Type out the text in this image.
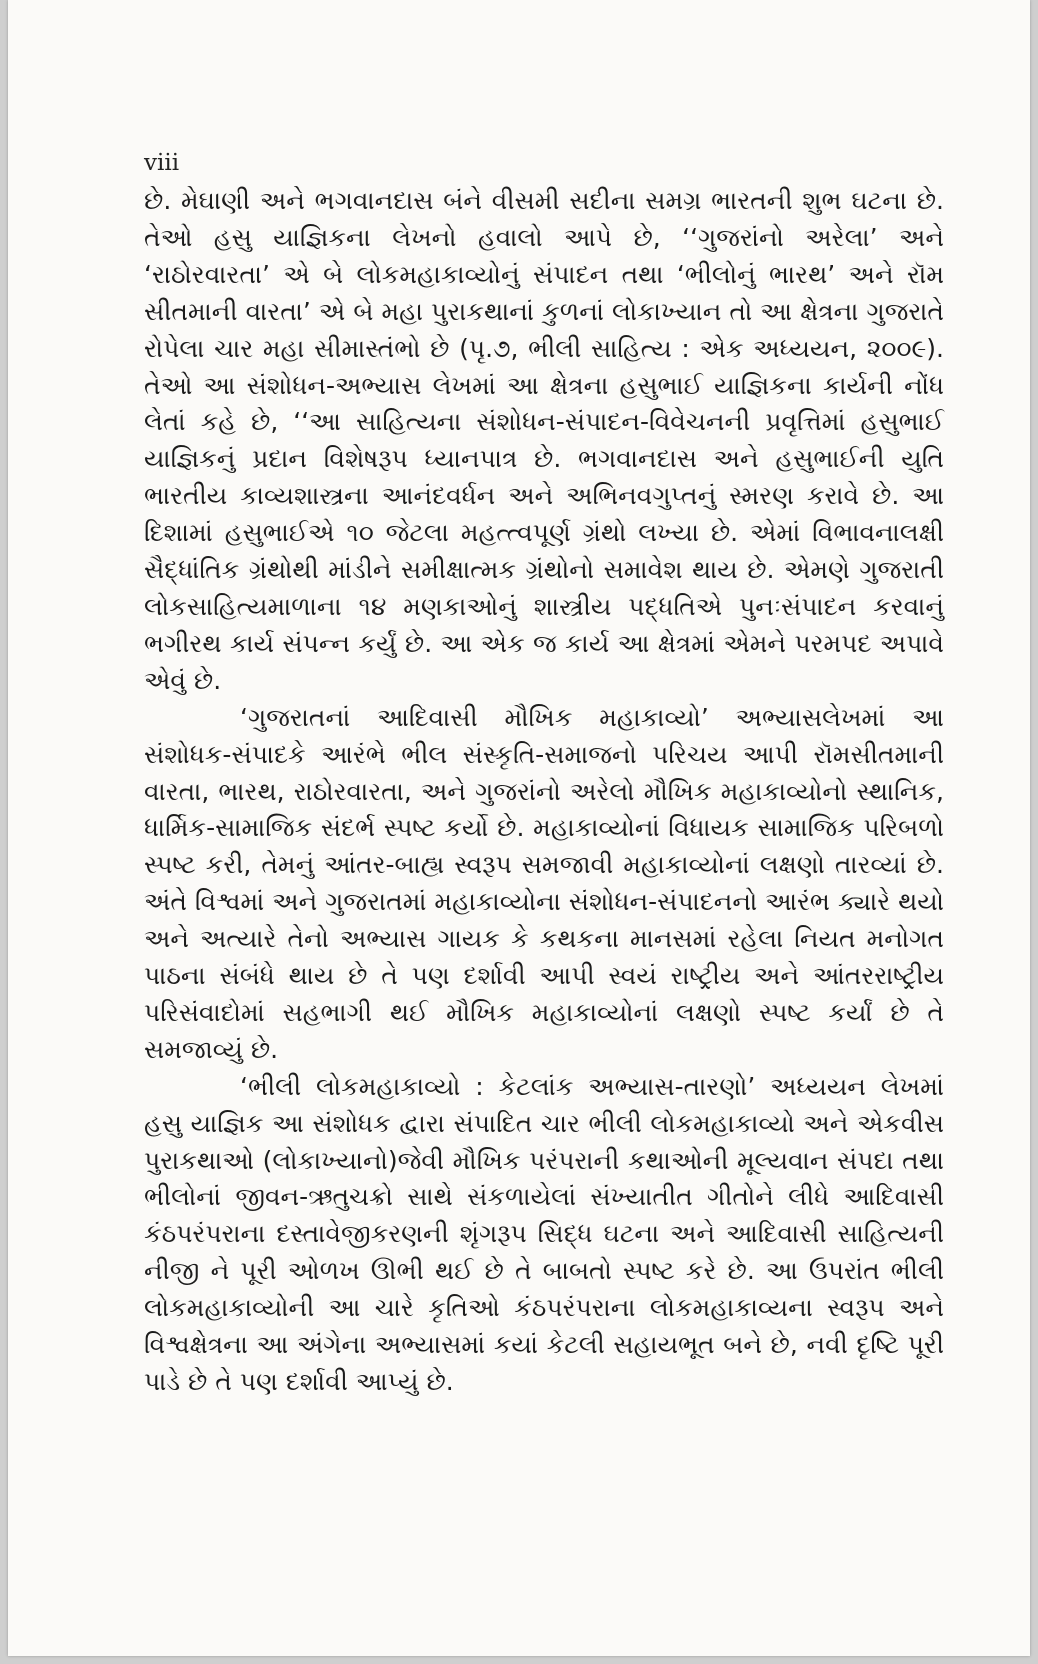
viii

છે. મેઘાણી અને ભગવાનદાસ બંને વીસમી સદીના સમગ્ર ભારતની શુભ ઘટના છે. તેઓ હસુ યાજ્ઞિકના લેખનો હવાલો આપે છે, ‘‘ગુજરાંનો અરેલા’ અને ‘રાઠોરવારતા’ એ બે લોકમહાકાવ્યોનું સંપાદન તથા ‘ભીલોનું ભારથ’ અને રૉમ સીતમાની વારતા’ એ બે મહા પુરાકથાનાં કુળનાં લોકાખ્યાન તો આ ક્ષેત્રના ગુજરાતે રોપેલા ચાર મહા સીમાસ્તંભો છે (પૃ.૭, ભીલી સાહિત્ય : એક અધ્યયન, ૨૦૦૯). તેઓ આ સંશોધન-અભ્યાસ લેખમાં આ ક્ષેત્રના હસુભાઈ યાજ્ઞિકના કાર્યની નોંધ લેતાં કહે છે, ‘‘આ સાહિત્યના સંશોધન-સંપાદન-વિવેચનની પ્રવૃત્તિમાં હસુભાઈ યાજ્ઞિકનું પ્રદાન વિશેષરૂપ ધ્યાનપાત્ર છે. ભગવાનદાસ અને હસુભાઈની યુતિ ભારતીય કાવ્યશાસ્ત્રના આનંદવર્ધન અને અભિનવગુપ્તનું સ્મરણ કરાવે છે. આ દિશામાં હસુભાઈએ ૧૦ જેટલા મહત્ત્વપૂર્ણ ગ્રંથો લખ્યા છે. એમાં વિભાવનાલક્ષી સૈદ્ધાંતિક ગ્રંથોથી માંડીને સમીક્ષાત્મક ગ્રંથોનો સમાવેશ થાય છે. એમણે ગુજરાતી લોકસાહિત્યમાળાના ૧૪ મણકાઓનું શાસ્ત્રીય પદ્ધતિએ પુનઃસંપાદન કરવાનું ભગીરથ કાર્ય સંપન્ન કર્યું છે. આ એક જ કાર્ય આ ક્ષેત્રમાં એમને પરમપદ અપાવે એવું છે.

‘ગુજરાતનાં આદિવાસી મૌખિક મહાકાવ્યો’ અભ્યાસલેખમાં આ સંશોધક-સંપાદકે આરંભે ભીલ સંસ્કૃતિ-સમાજનો પરિચય આપી રૉમસીતમાની વારતા, ભારથ, રાઠોરવારતા, અને ગુજરાંનો અરેલો મૌખિક મહાકાવ્યોનો સ્થાનિક, ધાર્મિક-સામાજિક સંદર્ભ સ્પષ્ટ કર્યો છે. મહાકાવ્યોનાં વિધાયક સામાજિક પરિબળો સ્પષ્ટ કરી, તેમનું આંતર-બાહ્ય સ્વરૂપ સમજાવી મહાકાવ્યોનાં લક્ષણો તારવ્યાં છે. અંતે વિશ્વમાં અને ગુજરાતમાં મહાકાવ્યોના સંશોધન-સંપાદનનો આરંભ ક્યારે થયો અને અત્યારે તેનો અભ્યાસ ગાયક કે કથકના માનસમાં રહેલા નિયત મનોગત પાઠના સંબંધે થાય છે તે પણ દર્શાવી આપી સ્વયં રાષ્ટ્રીય અને આંતરરાષ્ટ્રીય પરિસંવાદોમાં સહભાગી થઈ મૌખિક મહાકાવ્યોનાં લક્ષણો સ્પષ્ટ કર્યાં છે તે સમજાવ્યું છે.

‘ભીલી લોકમહાકાવ્યો : કેટલાંક અભ્યાસ-તારણો’ અધ્યયન લેખમાં હસુ યાજ્ઞિક આ સંશોધક દ્વારા સંપાદિત ચાર ભીલી લોકમહાકાવ્યો અને એકવીસ પુરાકથાઓ (લોકાખ્યાનો)જેવી મૌખિક પરંપરાની કથાઓની મૂલ્યવાન સંપદા તથા ભીલોનાં જીવન-ઋતુચક્રો સાથે સંકળાયેલાં સંખ્યાતીત ગીતોને લીધે આદિવાસી કંઠપરંપરાના દસ્તાવેજીકરણની શૃંગરૂપ સિદ્ધ ઘટના અને આદિવાસી સાહિત્યની નીજી ને પૂરી ઓળખ ઊભી થઈ છે તે બાબતો સ્પષ્ટ કરે છે. આ ઉપરાંત ભીલી લોકમહાકાવ્યોની આ ચારે કૃતિઓ કંઠપરંપરાના લોકમહાકાવ્યના સ્વરૂપ અને વિશ્વક્ષેત્રના આ અંગેના અભ્યાસમાં કયાં કેટલી સહાયભૂત બને છે, નવી દૃષ્ટિ પૂરી પાડે છે તે પણ દર્શાવી આપ્યું છે.
